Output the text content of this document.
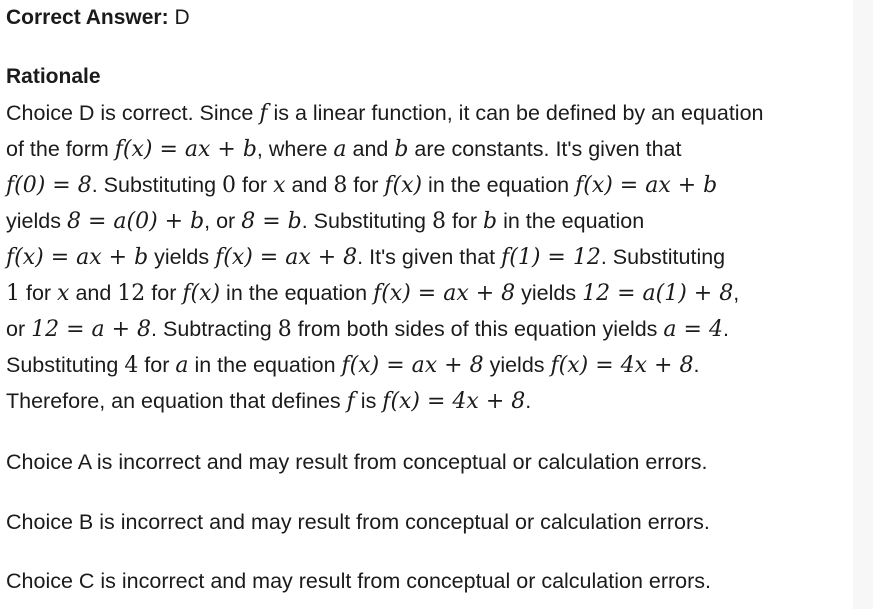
Correct Answer: D
Rationale
Choice D is correct. Since f is a linear function, it can be defined by an equation
of the form f(x) = ax + b, where a and b are constants. It's given that
f(0) = 8. Substituting 0 for x and 8 for f(x) in the equation f(x) = ax + b
yields 8 = a(0) + b, or 8 = b. Substituting 8 for b in the equation
f(x) = ax + b yields f(x) = ax + 8. It's given that f(1) = 12. Substituting
1 for x and 12 for f(x) in the equation f(x) = ax + 8 yields 12 = a(1) + 8,
or 12 = a + 8. Subtracting 8 from both sides of this equation yields a = 4.
Substituting 4 for a in the equation f(x) = ax + 8 yields f(x) = 4x + 8.
Therefore, an equation that defines f is f(x) = 4x + 8.
Choice A is incorrect and may result from conceptual or calculation errors.
Choice B is incorrect and may result from conceptual or calculation errors.
Choice C is incorrect and may result from conceptual or calculation errors.
